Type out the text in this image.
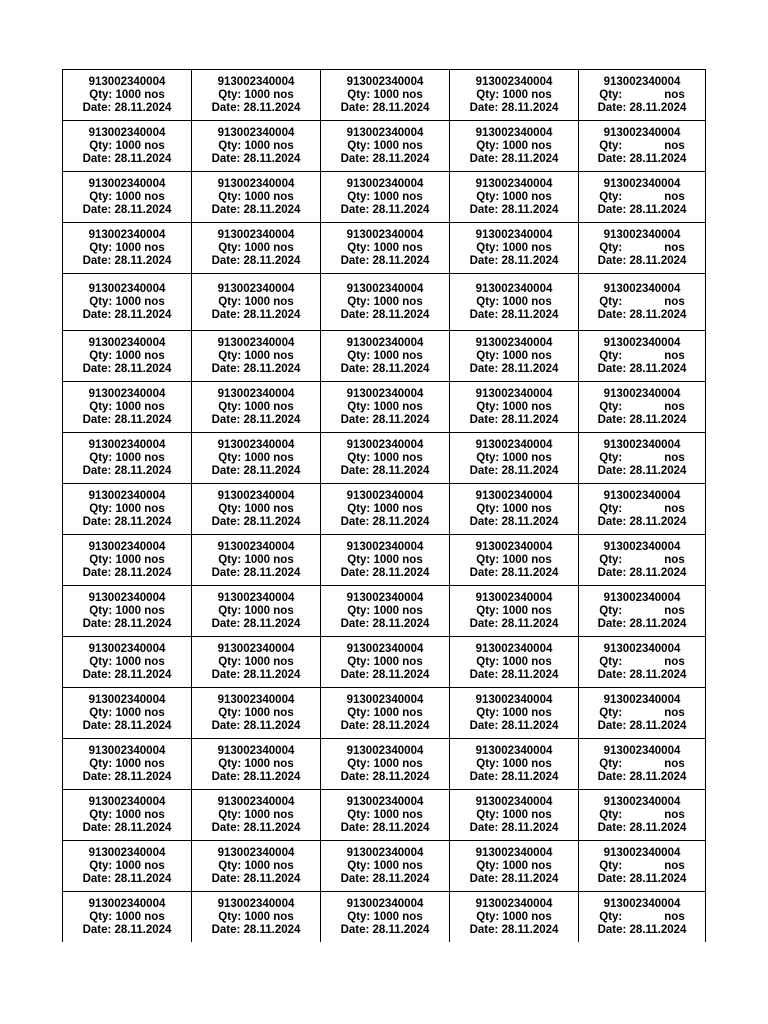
913002340004
Qty: 1000 nos
Date: 28.11.2024	913002340004
Qty: 1000 nos
Date: 28.11.2024	913002340004
Qty: 1000 nos
Date: 28.11.2024	913002340004
Qty: 1000 nos
Date: 28.11.2024	913002340004
Qty: nos
Date: 28.11.2024

913002340004
Qty: 1000 nos
Date: 28.11.2024	913002340004
Qty: 1000 nos
Date: 28.11.2024	913002340004
Qty: 1000 nos
Date: 28.11.2024	913002340004
Qty: 1000 nos
Date: 28.11.2024	913002340004
Qty: nos
Date: 28.11.2024

913002340004
Qty: 1000 nos
Date: 28.11.2024	913002340004
Qty: 1000 nos
Date: 28.11.2024	913002340004
Qty: 1000 nos
Date: 28.11.2024	913002340004
Qty: 1000 nos
Date: 28.11.2024	913002340004
Qty: nos
Date: 28.11.2024

913002340004
Qty: 1000 nos
Date: 28.11.2024	913002340004
Qty: 1000 nos
Date: 28.11.2024	913002340004
Qty: 1000 nos
Date: 28.11.2024	913002340004
Qty: 1000 nos
Date: 28.11.2024	913002340004
Qty: nos
Date: 28.11.2024

913002340004
Qty: 1000 nos
Date: 28.11.2024	913002340004
Qty: 1000 nos
Date: 28.11.2024	913002340004
Qty: 1000 nos
Date: 28.11.2024	913002340004
Qty: 1000 nos
Date: 28.11.2024	913002340004
Qty: nos
Date: 28.11.2024

913002340004
Qty: 1000 nos
Date: 28.11.2024	913002340004
Qty: 1000 nos
Date: 28.11.2024	913002340004
Qty: 1000 nos
Date: 28.11.2024	913002340004
Qty: 1000 nos
Date: 28.11.2024	913002340004
Qty: nos
Date: 28.11.2024

913002340004
Qty: 1000 nos
Date: 28.11.2024	913002340004
Qty: 1000 nos
Date: 28.11.2024	913002340004
Qty: 1000 nos
Date: 28.11.2024	913002340004
Qty: 1000 nos
Date: 28.11.2024	913002340004
Qty: nos
Date: 28.11.2024

913002340004
Qty: 1000 nos
Date: 28.11.2024	913002340004
Qty: 1000 nos
Date: 28.11.2024	913002340004
Qty: 1000 nos
Date: 28.11.2024	913002340004
Qty: 1000 nos
Date: 28.11.2024	913002340004
Qty: nos
Date: 28.11.2024

913002340004
Qty: 1000 nos
Date: 28.11.2024	913002340004
Qty: 1000 nos
Date: 28.11.2024	913002340004
Qty: 1000 nos
Date: 28.11.2024	913002340004
Qty: 1000 nos
Date: 28.11.2024	913002340004
Qty: nos
Date: 28.11.2024

913002340004
Qty: 1000 nos
Date: 28.11.2024	913002340004
Qty: 1000 nos
Date: 28.11.2024	913002340004
Qty: 1000 nos
Date: 28.11.2024	913002340004
Qty: 1000 nos
Date: 28.11.2024	913002340004
Qty: nos
Date: 28.11.2024

913002340004
Qty: 1000 nos
Date: 28.11.2024	913002340004
Qty: 1000 nos
Date: 28.11.2024	913002340004
Qty: 1000 nos
Date: 28.11.2024	913002340004
Qty: 1000 nos
Date: 28.11.2024	913002340004
Qty: nos
Date: 28.11.2024

913002340004
Qty: 1000 nos
Date: 28.11.2024	913002340004
Qty: 1000 nos
Date: 28.11.2024	913002340004
Qty: 1000 nos
Date: 28.11.2024	913002340004
Qty: 1000 nos
Date: 28.11.2024	913002340004
Qty: nos
Date: 28.11.2024

913002340004
Qty: 1000 nos
Date: 28.11.2024	913002340004
Qty: 1000 nos
Date: 28.11.2024	913002340004
Qty: 1000 nos
Date: 28.11.2024	913002340004
Qty: 1000 nos
Date: 28.11.2024	913002340004
Qty: nos
Date: 28.11.2024

913002340004
Qty: 1000 nos
Date: 28.11.2024	913002340004
Qty: 1000 nos
Date: 28.11.2024	913002340004
Qty: 1000 nos
Date: 28.11.2024	913002340004
Qty: 1000 nos
Date: 28.11.2024	913002340004
Qty: nos
Date: 28.11.2024

913002340004
Qty: 1000 nos
Date: 28.11.2024	913002340004
Qty: 1000 nos
Date: 28.11.2024	913002340004
Qty: 1000 nos
Date: 28.11.2024	913002340004
Qty: 1000 nos
Date: 28.11.2024	913002340004
Qty: nos
Date: 28.11.2024

913002340004
Qty: 1000 nos
Date: 28.11.2024	913002340004
Qty: 1000 nos
Date: 28.11.2024	913002340004
Qty: 1000 nos
Date: 28.11.2024	913002340004
Qty: 1000 nos
Date: 28.11.2024	913002340004
Qty: nos
Date: 28.11.2024

913002340004
Qty: 1000 nos
Date: 28.11.2024	913002340004
Qty: 1000 nos
Date: 28.11.2024	913002340004
Qty: 1000 nos
Date: 28.11.2024	913002340004
Qty: 1000 nos
Date: 28.11.2024	913002340004
Qty: nos
Date: 28.11.2024
